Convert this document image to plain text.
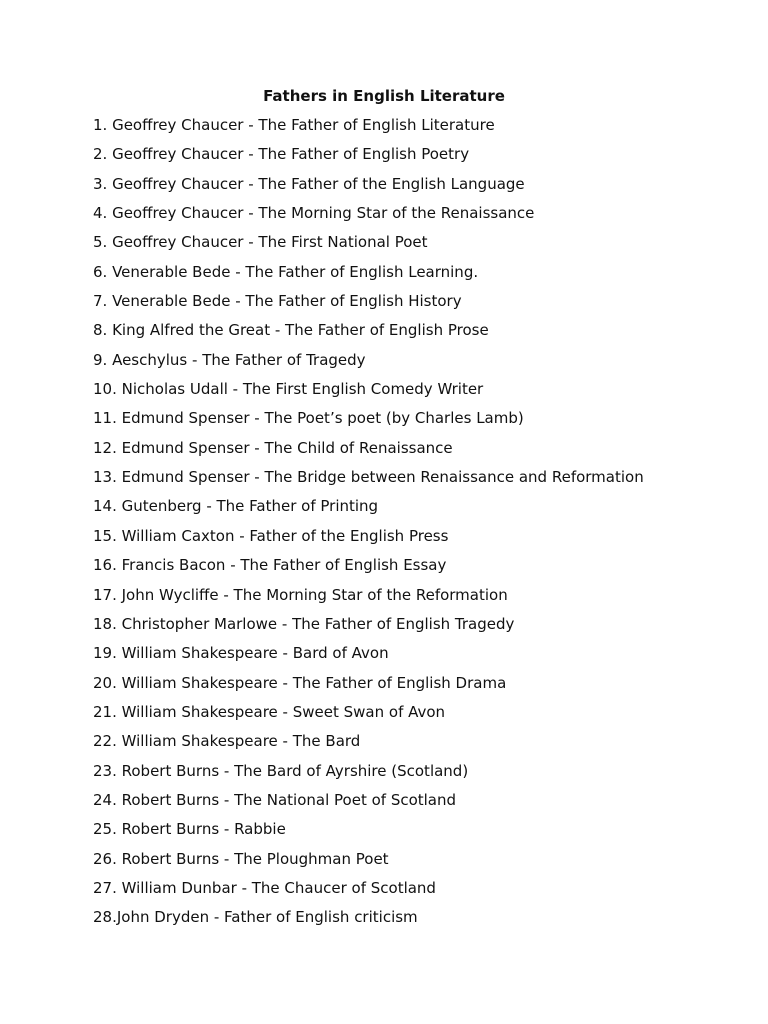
Fathers in English Literature
1. Geoffrey Chaucer - The Father of English Literature
2. Geoffrey Chaucer - The Father of English Poetry
3. Geoffrey Chaucer - The Father of the English Language
4. Geoffrey Chaucer - The Morning Star of the Renaissance
5. Geoffrey Chaucer - The First National Poet
6. Venerable Bede - The Father of English Learning.
7. Venerable Bede - The Father of English History
8. King Alfred the Great - The Father of English Prose
9. Aeschylus - The Father of Tragedy
10. Nicholas Udall - The First English Comedy Writer
11. Edmund Spenser - The Poet’s poet (by Charles Lamb)
12. Edmund Spenser - The Child of Renaissance
13. Edmund Spenser - The Bridge between Renaissance and Reformation
14. Gutenberg - The Father of Printing
15. William Caxton - Father of the English Press
16. Francis Bacon - The Father of English Essay
17. John Wycliffe - The Morning Star of the Reformation
18. Christopher Marlowe - The Father of English Tragedy
19. William Shakespeare - Bard of Avon
20. William Shakespeare - The Father of English Drama
21. William Shakespeare - Sweet Swan of Avon
22. William Shakespeare - The Bard
23. Robert Burns - The Bard of Ayrshire (Scotland)
24. Robert Burns - The National Poet of Scotland
25. Robert Burns - Rabbie
26. Robert Burns - The Ploughman Poet
27. William Dunbar - The Chaucer of Scotland
28.John Dryden - Father of English criticism
